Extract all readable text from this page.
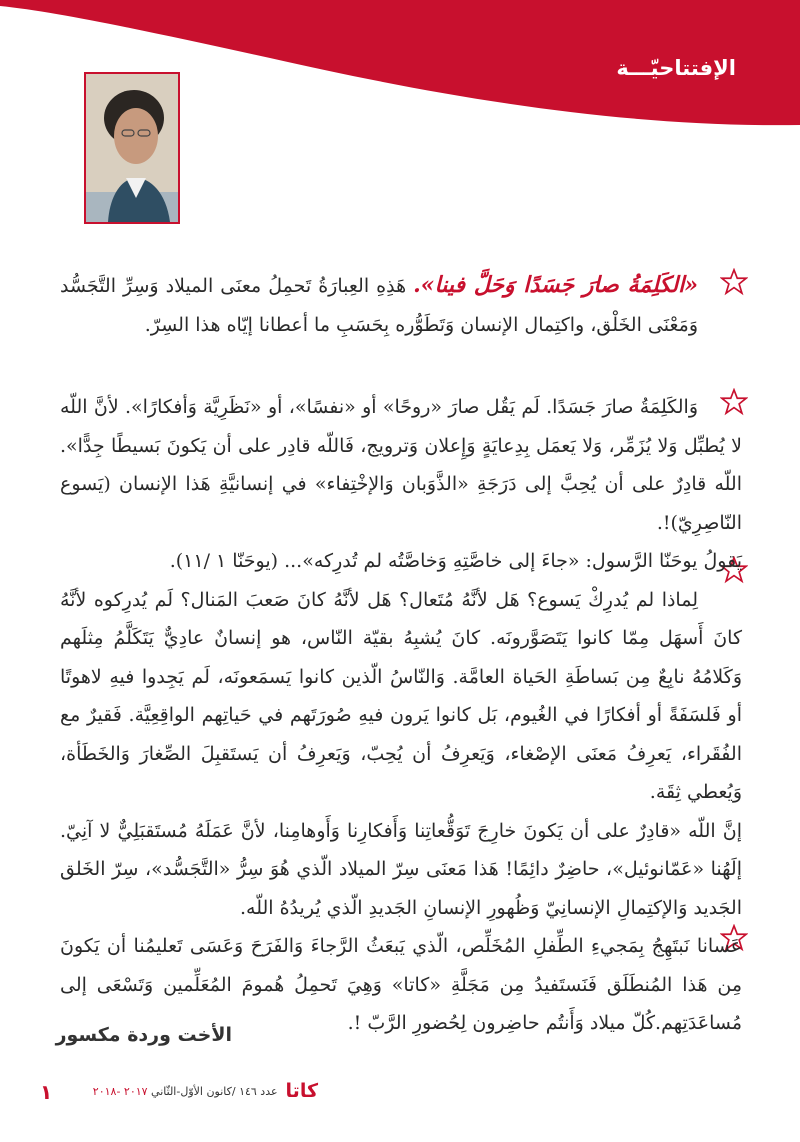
الإفتتاحيّـــة

«الكَلِمَةُ صارَ جَسَدًا وَحَلَّ فينا». هَذِهِ العِبارَةُ تَحمِلُ معنَى الميلاد وَسِرِّ التَّجَسُّد وَمَعْنَى الخَلْق، واكتِمال الإنسان وَتَطَوُّره بِحَسَبِ ما أعطانا إيّاه هذا السِرّ.

وَالكَلِمَةُ صارَ جَسَدًا. لَم يَقُل صارَ «روحًا» أو «نفسًا»، أو «نَظَرِيَّة وَأفكارًا». لأنَّ اللّه لا يُطبِّل وَلا يُزَمِّر، وَلا يَعمَل بِدِعايَةٍ وَإِعلان وَترويج، فَاللّه قادِر على أن يَكونَ بَسيطًا جِدًّا». اللّه قادِرٌ على أن يُحِبَّ إلى دَرَجَةِ «الذَّوَبان وَالإخْتِفاء» في إنسانيَّةِ هَذا الإنسان (يَسوع النّاصِرِيّ)!.

يَقولُ يوحَنّا الرَّسول: «جاءَ إلى خاصَّتِهِ وَخاصَّتُه لم تُدرِكه»... (يوحَنّا ١ /١١).

لِماذا لم يُدرِكْ يَسوع؟ هَل لأنَّهُ مُتَعال؟ هَل لأنَّهُ كانَ صَعبَ المَنال؟ لَم يُدرِكوه لأنَّهُ كانَ أَسهَل مِمّا كانوا يَتَصَوَّرونَه. كانَ يُشبِهُ بقيّة النّاس، هو إنسانٌ عادِيٌّ يَتَكَلَّمُ مِثلَهم وَكَلامُهُ نابِعٌ مِن بَساطَةِ الحَياة العامَّة. وَالنّاسُ الّذين كانوا يَسمَعونَه، لَم يَجِدوا فيهِ لاهوتًا أو فَلسَفَةً أو أفكارًا في الغُيوم، بَل كانوا يَرون فيهِ صُورَتَهم في حَياتِهم الواقِعِيَّة. فَقيرٌ مع الفُقَراء، يَعرِفُ مَعنَى الإصْغاء، وَيَعرِفُ أن يُحِبّ، وَيَعرِفُ أن يَستَقبِلَ الصِّغارَ وَالخَطَأة، وَيُعطي ثِقَة.

إنَّ اللّه «قادِرٌ على أن يَكونَ خارِجَ تَوَقُّعاتِنا وَأَفكارِنا وَأَوهامِنا، لأنَّ عَمَلَهُ مُستَقبَلِيٌّ لا آنِيّ. إلَهُنا «عَمّانوئيل»، حاضِرٌ دائِمًا! هَذا مَعنَى سِرّ الميلاد الّذي هُوَ سِرُّ «التَّجَسُّد»، سِرّ الخَلق الجَديد وَالإكتِمالِ الإنسانِيّ وَظُهورِ الإنسانِ الجَديدِ الّذي يُريدُهُ اللّه.

عَسانا نَبتَهِجُ بِمَجيءِ الطِّفلِ المُخَلِّص، الّذي يَبعَثُ الرَّجاءَ وَالفَرَحَ وَعَسَى تَعليمُنا أن يَكونَ مِن هَذا المُنطَلَق فَنَستَفيدُ مِن مَجَلَّةِ «كاتا» وَهِيَ تَحمِلُ هُمومَ المُعَلِّمين وَتَسْعَى إلى مُساعَدَتِهم.كُلّ ميلاد وَأَنتُم حاضِرون لِحُضورِ الرَّبّ !.

الأخت وردة مكسور
كاتا
عدد ١٤٦ /كانون الأوّل-الثّاني ٢٠١٧ -٢٠١٨
١
